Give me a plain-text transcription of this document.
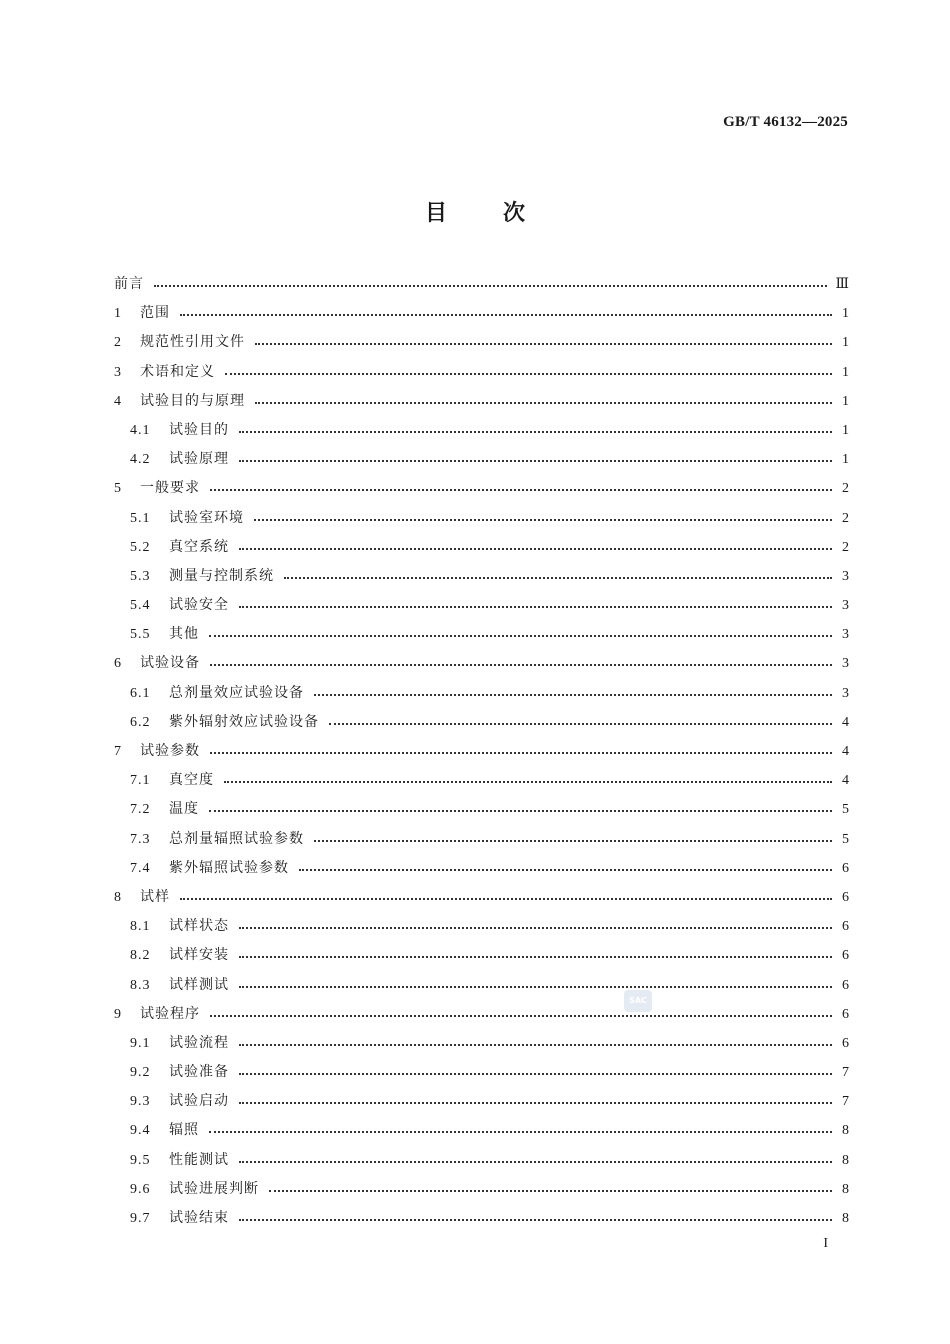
GB/T 46132—2025
目次
前言	Ⅲ
1	范围	1
2	规范性引用文件	1
3	术语和定义	1
4	试验目的与原理	1
4.1	试验目的	1
4.2	试验原理	1
5	一般要求	2
5.1	试验室环境	2
5.2	真空系统	2
5.3	测量与控制系统	3
5.4	试验安全	3
5.5	其他	3
6	试验设备	3
6.1	总剂量效应试验设备	3
6.2	紫外辐射效应试验设备	4
7	试验参数	4
7.1	真空度	4
7.2	温度	5
7.3	总剂量辐照试验参数	5
7.4	紫外辐照试验参数	6
8	试样	6
8.1	试样状态	6
8.2	试样安装	6
8.3	试样测试	6
9	试验程序	6
9.1	试验流程	6
9.2	试验准备	7
9.3	试验启动	7
9.4	辐照	8
9.5	性能测试	8
9.6	试验进展判断	8
9.7	试验结束	8
SAC
I
